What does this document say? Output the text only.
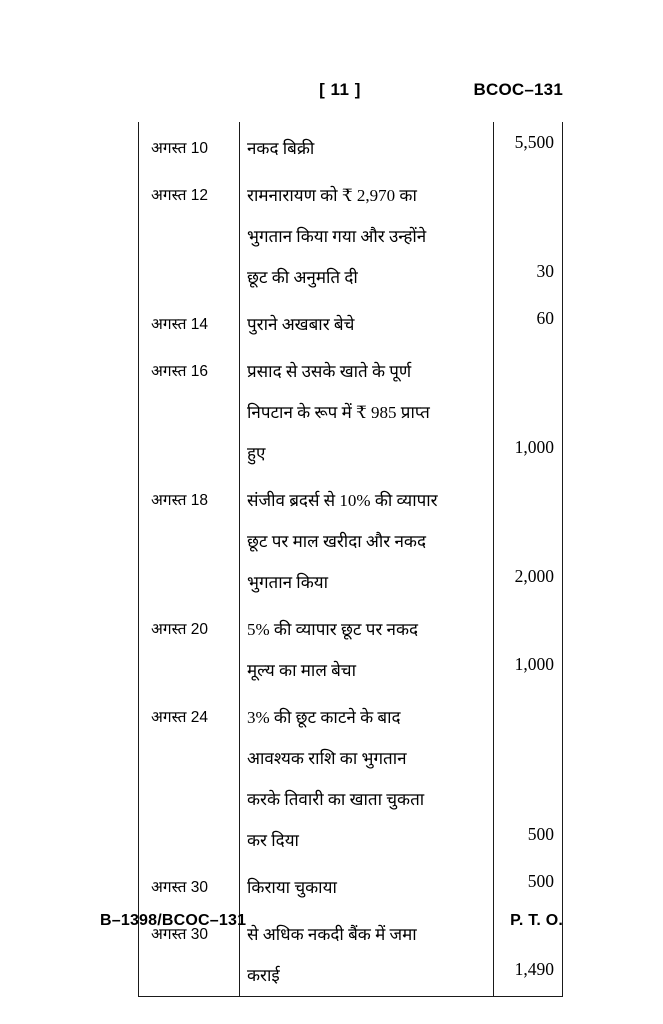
[ 11 ]	BCOC–131
अगस्त 10	नकद बिक्री	5,500
अगस्त 12	रामनारायण को ₹ 2,970 का
भुगतान किया गया और उन्होंने
छूट की अनुमति दी	30
अगस्त 14	पुराने अखबार बेचे	60
अगस्त 16	प्रसाद से उसके खाते के पूर्ण
निपटान के रूप में ₹ 985 प्राप्त
हुए	1,000
अगस्त 18	संजीव ब्रदर्स से 10% की व्यापार
छूट पर माल खरीदा और नकद
भुगतान किया	2,000
अगस्त 20	5% की व्यापार छूट पर नकद
मूल्य का माल बेचा	1,000
अगस्त 24	3% की छूट काटने के बाद
आवश्यक राशि का भुगतान
करके तिवारी का खाता चुकता
कर दिया	500
अगस्त 30	किराया चुकाया	500
अगस्त 30	से अधिक नकदी बैंक में जमा
कराई	1,490
B–1398/BCOC–131	P. T. O.
